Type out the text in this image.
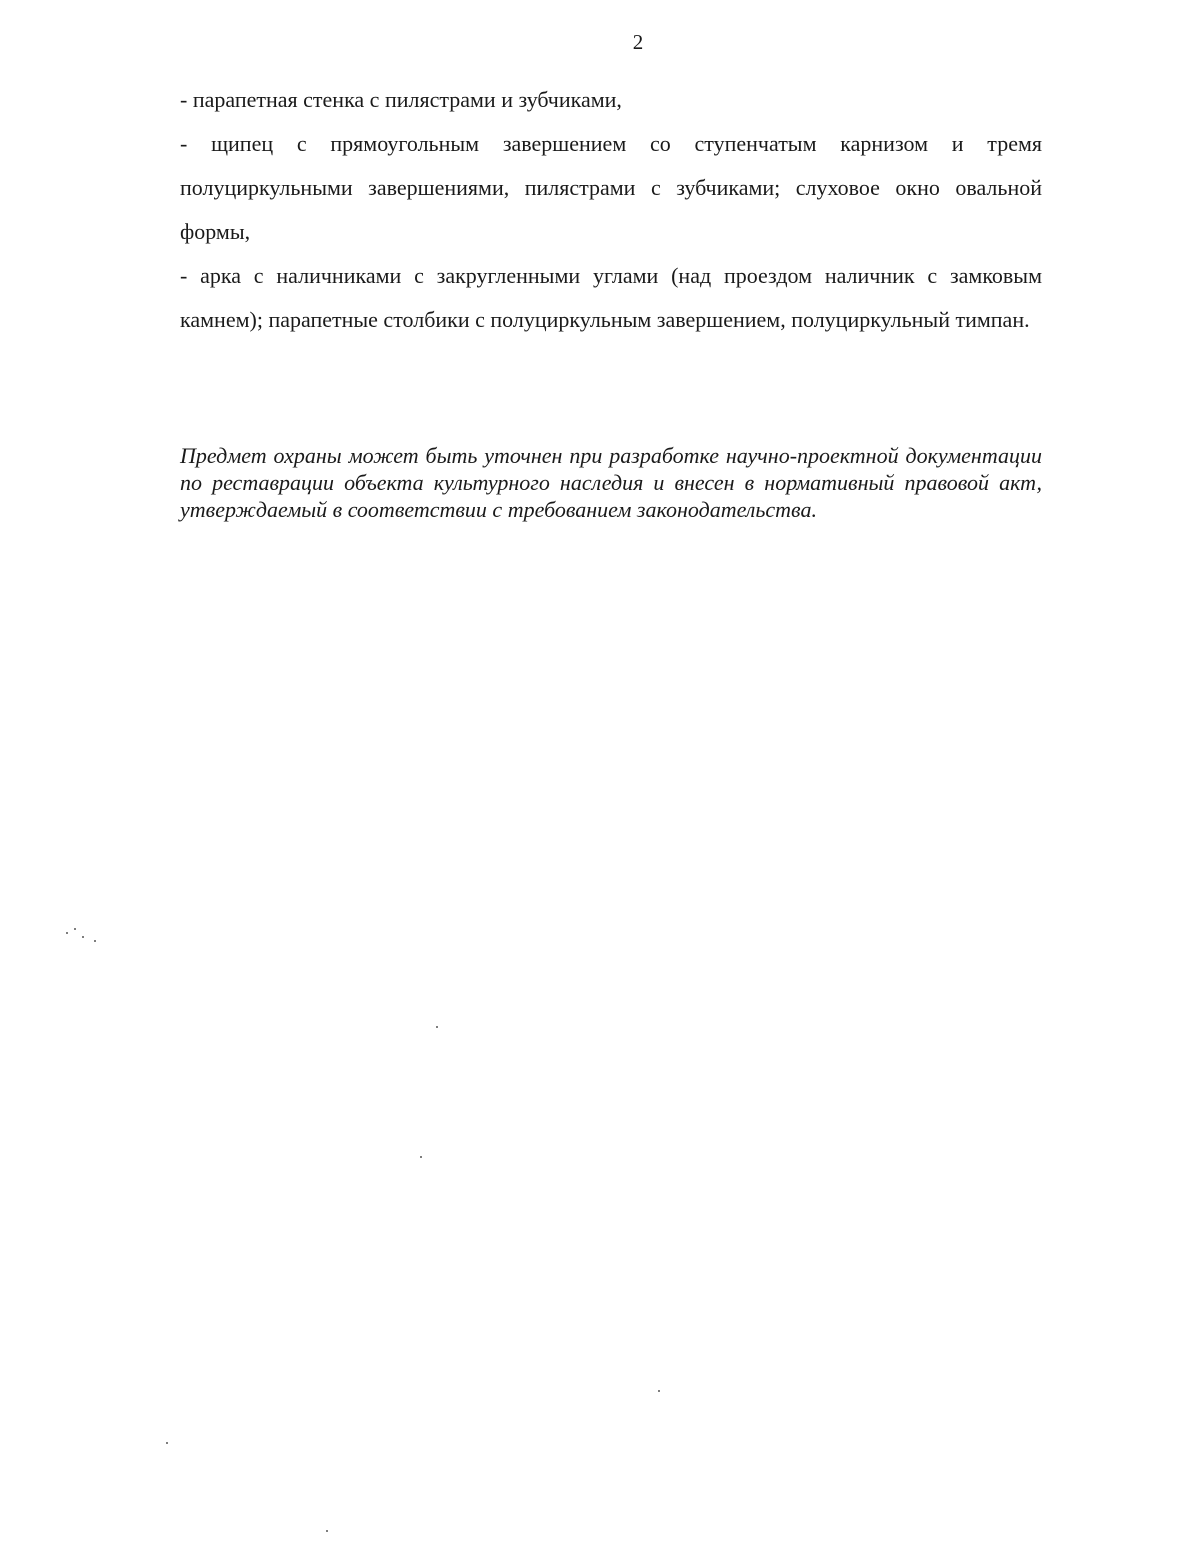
2

- парапетная стенка с пилястрами и зубчиками,

- щипец с прямоугольным завершением со ступенчатым карнизом и тремя полуциркульными завершениями, пилястрами с зубчиками; слуховое окно овальной формы,

- арка с наличниками с закругленными углами (над проездом наличник с замковым камнем); парапетные столбики с полуциркульным завершением, полуциркульный тимпан.

Предмет охраны может быть уточнен при разработке научно-проектной документации по реставрации объекта культурного наследия и внесен в нормативный правовой акт, утверждаемый в соответствии с требованием законодательства.
